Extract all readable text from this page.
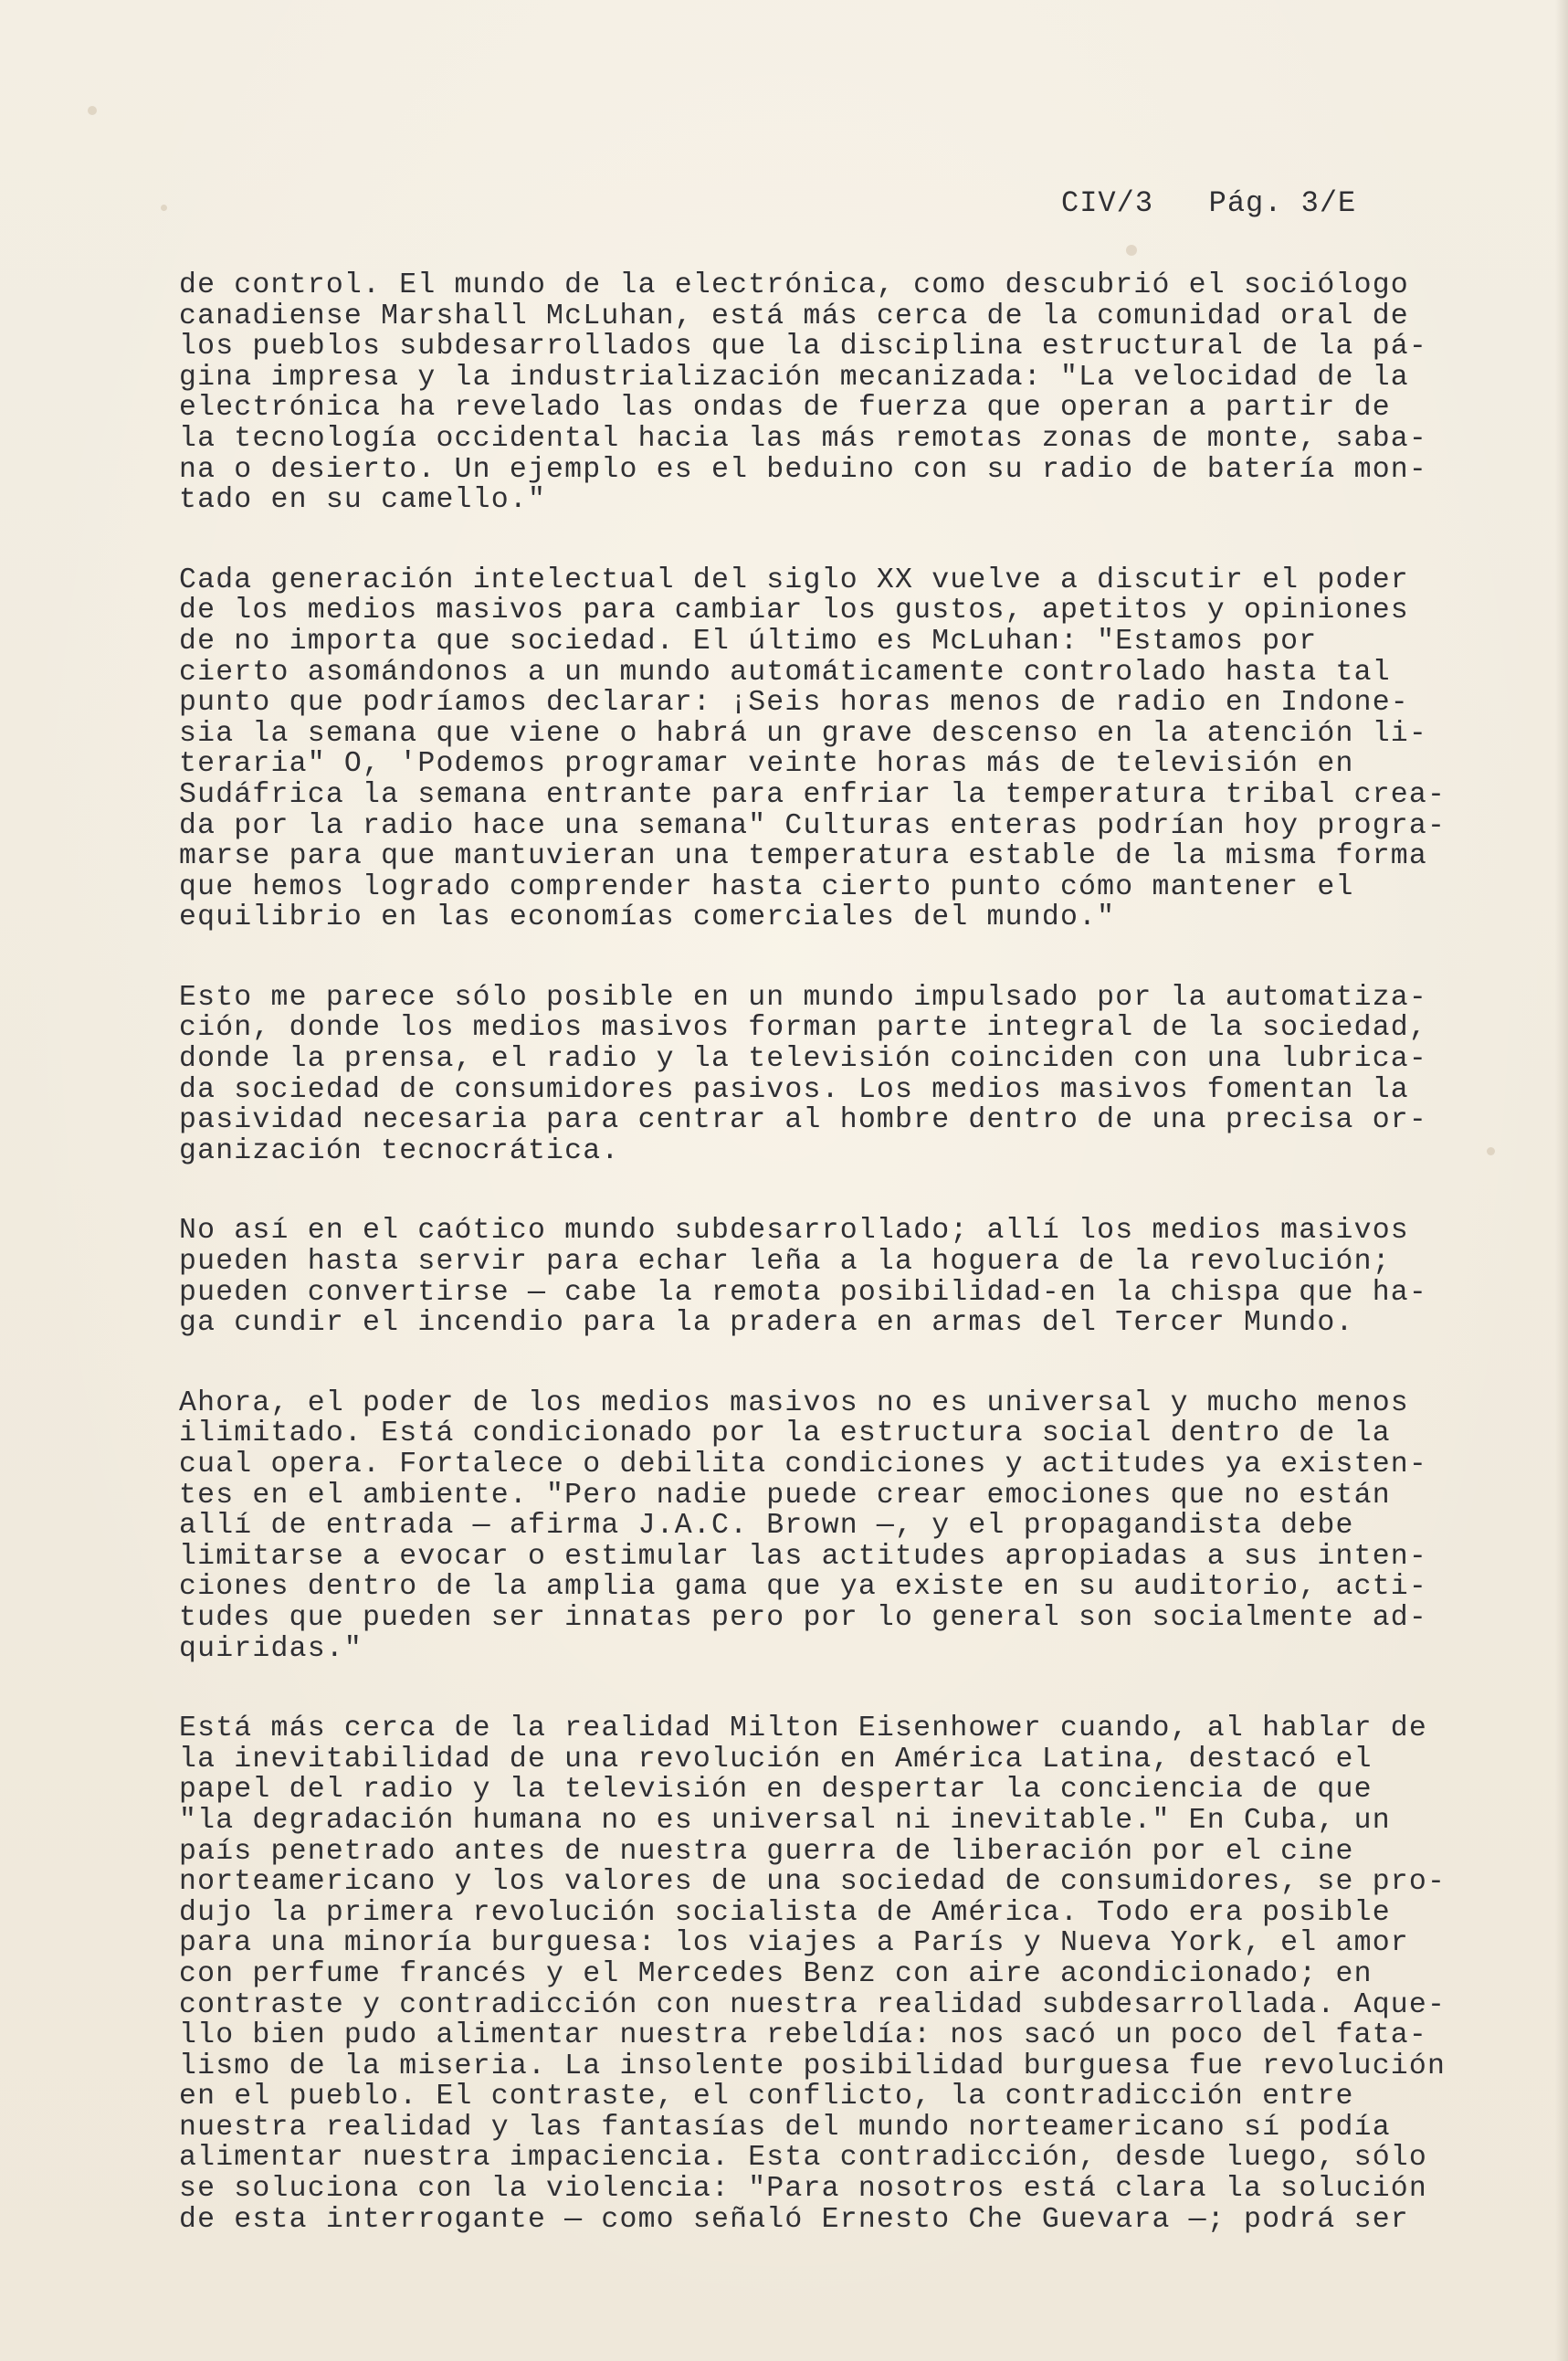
CIV/3 Pág. 3/E
de control. El mundo de la electrónica, como descubrió el sociólogo
canadiense Marshall McLuhan, está más cerca de la comunidad oral de
los pueblos subdesarrollados que la disciplina estructural de la pá-
gina impresa y la industrialización mecanizada: "La velocidad de la
electrónica ha revelado las ondas de fuerza que operan a partir de
la tecnología occidental hacia las más remotas zonas de monte, saba-
na o desierto. Un ejemplo es el beduino con su radio de batería mon-
tado en su camello."
Cada generación intelectual del siglo XX vuelve a discutir el poder
de los medios masivos para cambiar los gustos, apetitos y opiniones
de no importa que sociedad. El último es McLuhan: "Estamos por
cierto asomándonos a un mundo automáticamente controlado hasta tal
punto que podríamos declarar: ¡Seis horas menos de radio en Indone-
sia la semana que viene o habrá un grave descenso en la atención li-
teraria" O, 'Podemos programar veinte horas más de televisión en
Sudáfrica la semana entrante para enfriar la temperatura tribal crea-
da por la radio hace una semana" Culturas enteras podrían hoy progra-
marse para que mantuvieran una temperatura estable de la misma forma
que hemos logrado comprender hasta cierto punto cómo mantener el
equilibrio en las economías comerciales del mundo."
Esto me parece sólo posible en un mundo impulsado por la automatiza-
ción, donde los medios masivos forman parte integral de la sociedad,
donde la prensa, el radio y la televisión coinciden con una lubrica-
da sociedad de consumidores pasivos. Los medios masivos fomentan la
pasividad necesaria para centrar al hombre dentro de una precisa or-
ganización tecnocrática.
No así en el caótico mundo subdesarrollado; allí los medios masivos
pueden hasta servir para echar leña a la hoguera de la revolución;
pueden convertirse — cabe la remota posibilidad-en la chispa que ha-
ga cundir el incendio para la pradera en armas del Tercer Mundo.
Ahora, el poder de los medios masivos no es universal y mucho menos
ilimitado. Está condicionado por la estructura social dentro de la
cual opera. Fortalece o debilita condiciones y actitudes ya existen-
tes en el ambiente. "Pero nadie puede crear emociones que no están
allí de entrada — afirma J.A.C. Brown —, y el propagandista debe
limitarse a evocar o estimular las actitudes apropiadas a sus inten-
ciones dentro de la amplia gama que ya existe en su auditorio, acti-
tudes que pueden ser innatas pero por lo general son socialmente ad-
quiridas."
Está más cerca de la realidad Milton Eisenhower cuando, al hablar de
la inevitabilidad de una revolución en América Latina, destacó el
papel del radio y la televisión en despertar la conciencia de que
"la degradación humana no es universal ni inevitable." En Cuba, un
país penetrado antes de nuestra guerra de liberación por el cine
norteamericano y los valores de una sociedad de consumidores, se pro-
dujo la primera revolución socialista de América. Todo era posible
para una minoría burguesa: los viajes a París y Nueva York, el amor
con perfume francés y el Mercedes Benz con aire acondicionado; en
contraste y contradicción con nuestra realidad subdesarrollada. Aque-
llo bien pudo alimentar nuestra rebeldía: nos sacó un poco del fata-
lismo de la miseria. La insolente posibilidad burguesa fue revolución
en el pueblo. El contraste, el conflicto, la contradicción entre
nuestra realidad y las fantasías del mundo norteamericano sí podía
alimentar nuestra impaciencia. Esta contradicción, desde luego, sólo
se soluciona con la violencia: "Para nosotros está clara la solución
de esta interrogante — como señaló Ernesto Che Guevara —; podrá ser
